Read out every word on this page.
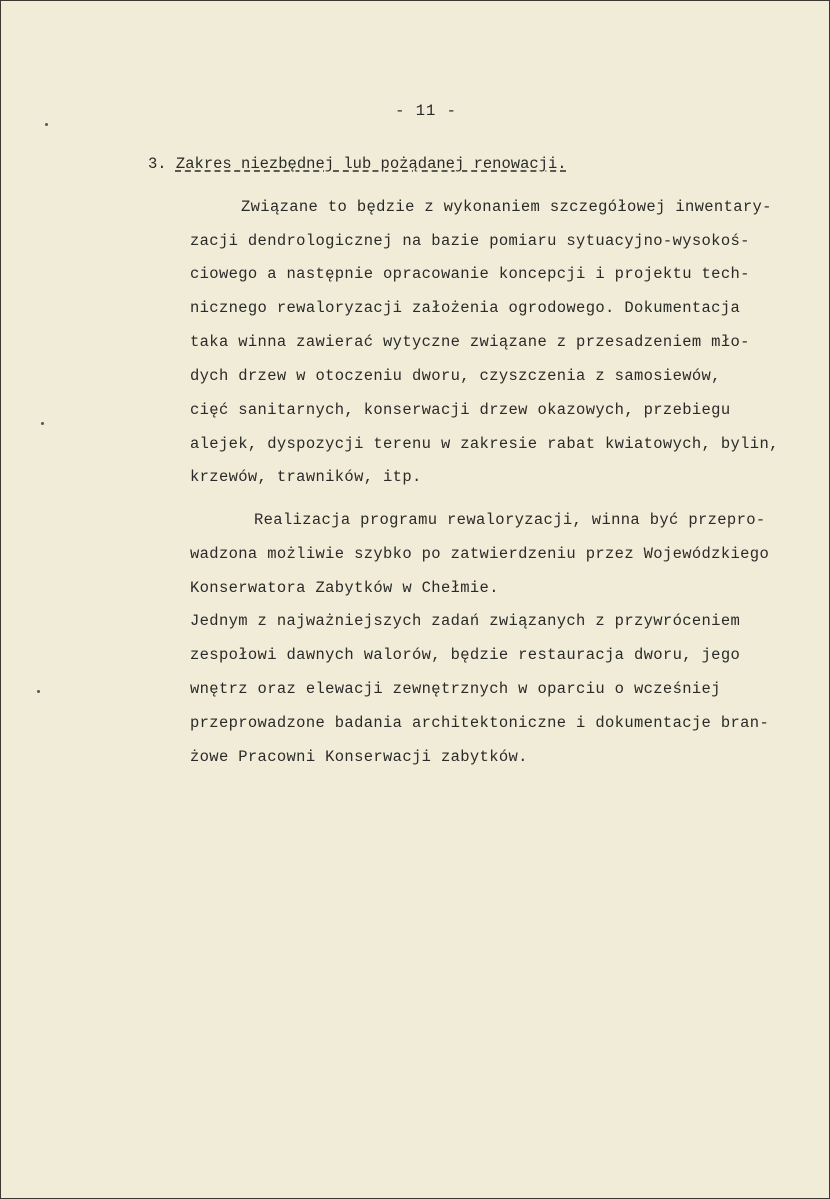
- 11 -
3. Zakres niezbędnej lub pożądanej renowacji.
Związane to będzie z wykonaniem szczegółowej inwentary-
zacji dendrologicznej na bazie pomiaru sytuacyjno-wysokoś-
ciowego a następnie opracowanie koncepcji i projektu tech-
nicznego rewaloryzacji założenia ogrodowego. Dokumentacja
taka winna zawierać wytyczne związane z przesadzeniem mło-
dych drzew w otoczeniu dworu, czyszczenia z samosiewów,
cięć sanitarnych, konserwacji drzew okazowych, przebiegu
alejek, dyspozycji terenu w zakresie rabat kwiatowych, bylin,
krzewów, trawników, itp.
Realizacja programu rewaloryzacji, winna być przepro-
wadzona możliwie szybko po zatwierdzeniu przez Wojewódzkiego
Konserwatora Zabytków w Chełmie.
Jednym z najważniejszych zadań związanych z przywróceniem
zespołowi dawnych walorów, będzie restauracja dworu, jego
wnętrz oraz elewacji zewnętrznych w oparciu o wcześniej
przeprowadzone badania architektoniczne i dokumentacje bran-
żowe Pracowni Konserwacji zabytków.
